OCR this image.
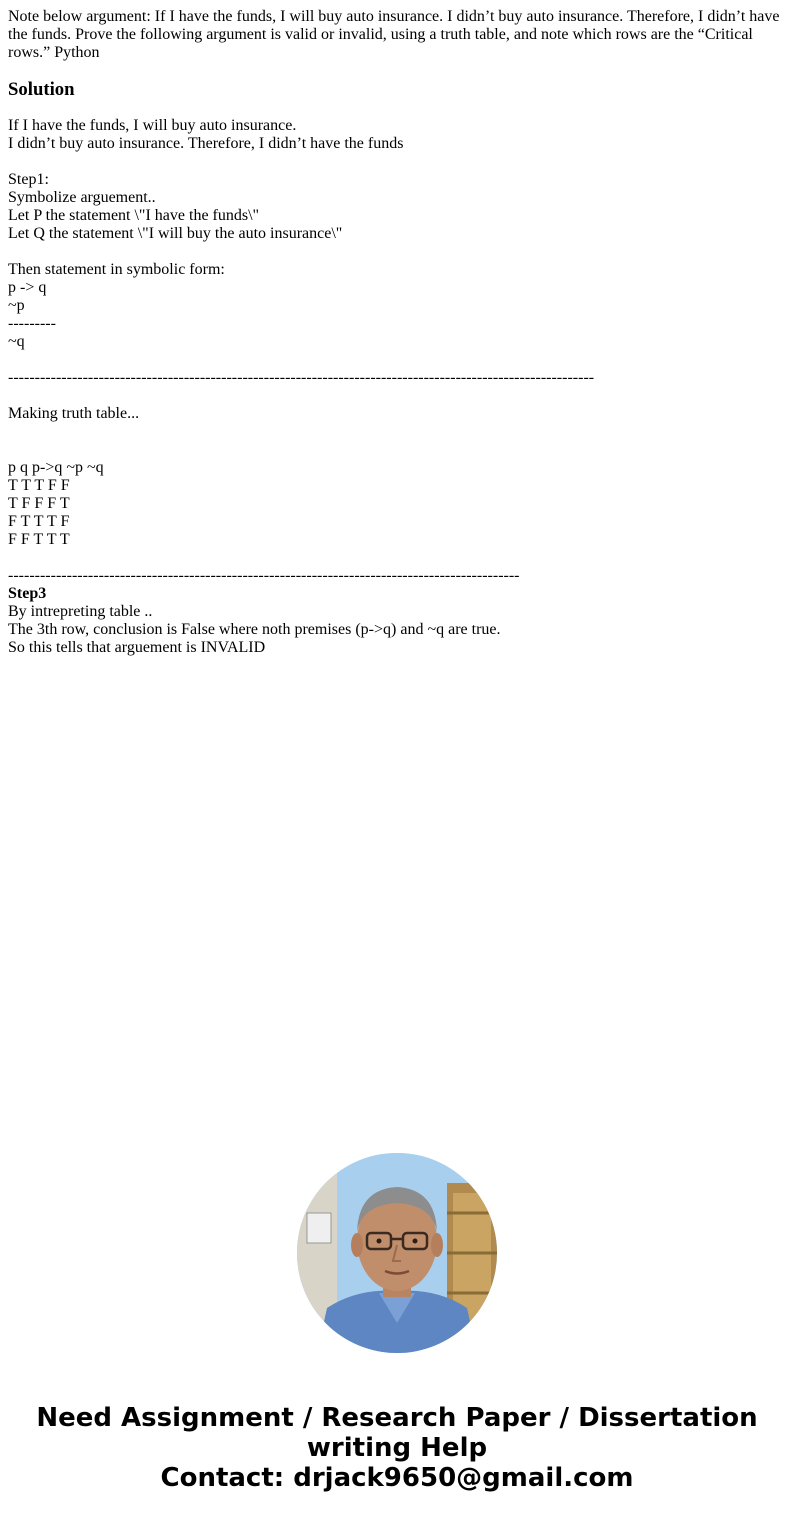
Note below argument: If I have the funds, I will buy auto insurance. I didn’t buy auto insurance. Therefore, I didn’t have the funds. Prove the following argument is valid or invalid, using a truth table, and note which rows are the “Critical rows.” Python

Solution
If I have the funds, I will buy auto insurance.
I didn’t buy auto insurance. Therefore, I didn’t have the funds
Step1:
Symbolize arguement..
Let P the statement \"I have the funds\"
Let Q the statement \"I will buy the auto insurance\"
Then statement in symbolic form:
p -> q
~p
---------
~q
--------------------------------------------------------------------------------------------------------------
Making truth table...
p q p->q ~p ~q
T T T F F
T F F F T
F T T T F
F F T T T
------------------------------------------------------------------------------------------------
Step3
By intrepreting table ..
The 3th row, conclusion is False where noth premises (p->q) and ~q are true.
So this tells that arguement is INVALID
Need Assignment / Research Paper / Dissertation
writing Help
Contact: drjack9650@gmail.com
